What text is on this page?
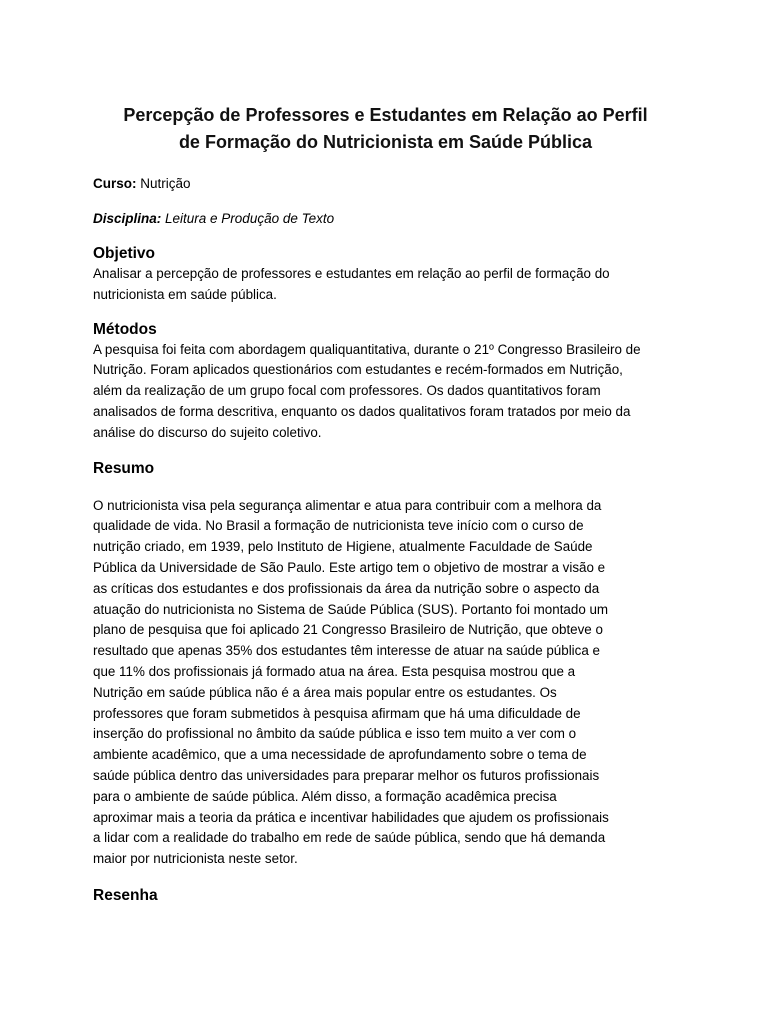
Percepção de Professores e Estudantes em Relação ao Perfil
de Formação do Nutricionista em Saúde Pública

Curso: Nutrição

Disciplina: Leitura e Produção de Texto

Objetivo

Analisar a percepção de professores e estudantes em relação ao perfil de formação do
nutricionista em saúde pública.

Métodos

A pesquisa foi feita com abordagem qualiquantitativa, durante o 21º Congresso Brasileiro de
Nutrição. Foram aplicados questionários com estudantes e recém-formados em Nutrição,
além da realização de um grupo focal com professores. Os dados quantitativos foram
analisados de forma descritiva, enquanto os dados qualitativos foram tratados por meio da
análise do discurso do sujeito coletivo.

Resumo

O nutricionista visa pela segurança alimentar e atua para contribuir com a melhora da
qualidade de vida. No Brasil a formação de nutricionista teve início com o curso de
nutrição criado, em 1939, pelo Instituto de Higiene, atualmente Faculdade de Saúde
Pública da Universidade de São Paulo. Este artigo tem o objetivo de mostrar a visão e
as críticas dos estudantes e dos profissionais da área da nutrição sobre o aspecto da
atuação do nutricionista no Sistema de Saúde Pública (SUS). Portanto foi montado um
plano de pesquisa que foi aplicado 21 Congresso Brasileiro de Nutrição, que obteve o
resultado que apenas 35% dos estudantes têm interesse de atuar na saúde pública e
que 11% dos profissionais já formado atua na área. Esta pesquisa mostrou que a
Nutrição em saúde pública não é a área mais popular entre os estudantes. Os
professores que foram submetidos à pesquisa afirmam que há uma dificuldade de
inserção do profissional no âmbito da saúde pública e isso tem muito a ver com o
ambiente acadêmico, que a uma necessidade de aprofundamento sobre o tema de
saúde pública dentro das universidades para preparar melhor os futuros profissionais
para o ambiente de saúde pública. Além disso, a formação acadêmica precisa
aproximar mais a teoria da prática e incentivar habilidades que ajudem os profissionais
a lidar com a realidade do trabalho em rede de saúde pública, sendo que há demanda
maior por nutricionista neste setor.

Resenha
